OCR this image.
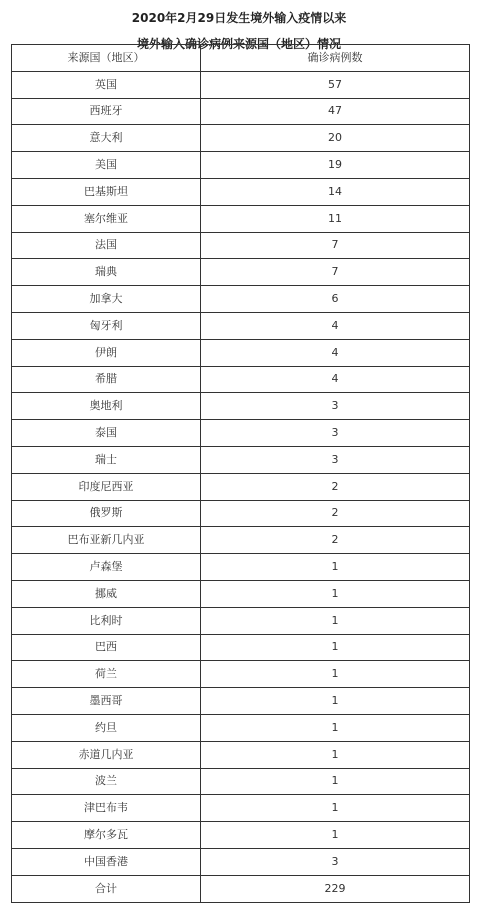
2020年2月29日发生境外输入疫情以来
境外输入确诊病例来源国（地区）情况
来源国（地区）	确诊病例数
英国	57
西班牙	47
意大利	20
美国	19
巴基斯坦	14
塞尔维亚	11
法国	7
瑞典	7
加拿大	6
匈牙利	4
伊朗	4
希腊	4
奥地利	3
泰国	3
瑞士	3
印度尼西亚	2
俄罗斯	2
巴布亚新几内亚	2
卢森堡	1
挪威	1
比利时	1
巴西	1
荷兰	1
墨西哥	1
约旦	1
赤道几内亚	1
波兰	1
津巴布韦	1
摩尔多瓦	1
中国香港	3
合计	229
